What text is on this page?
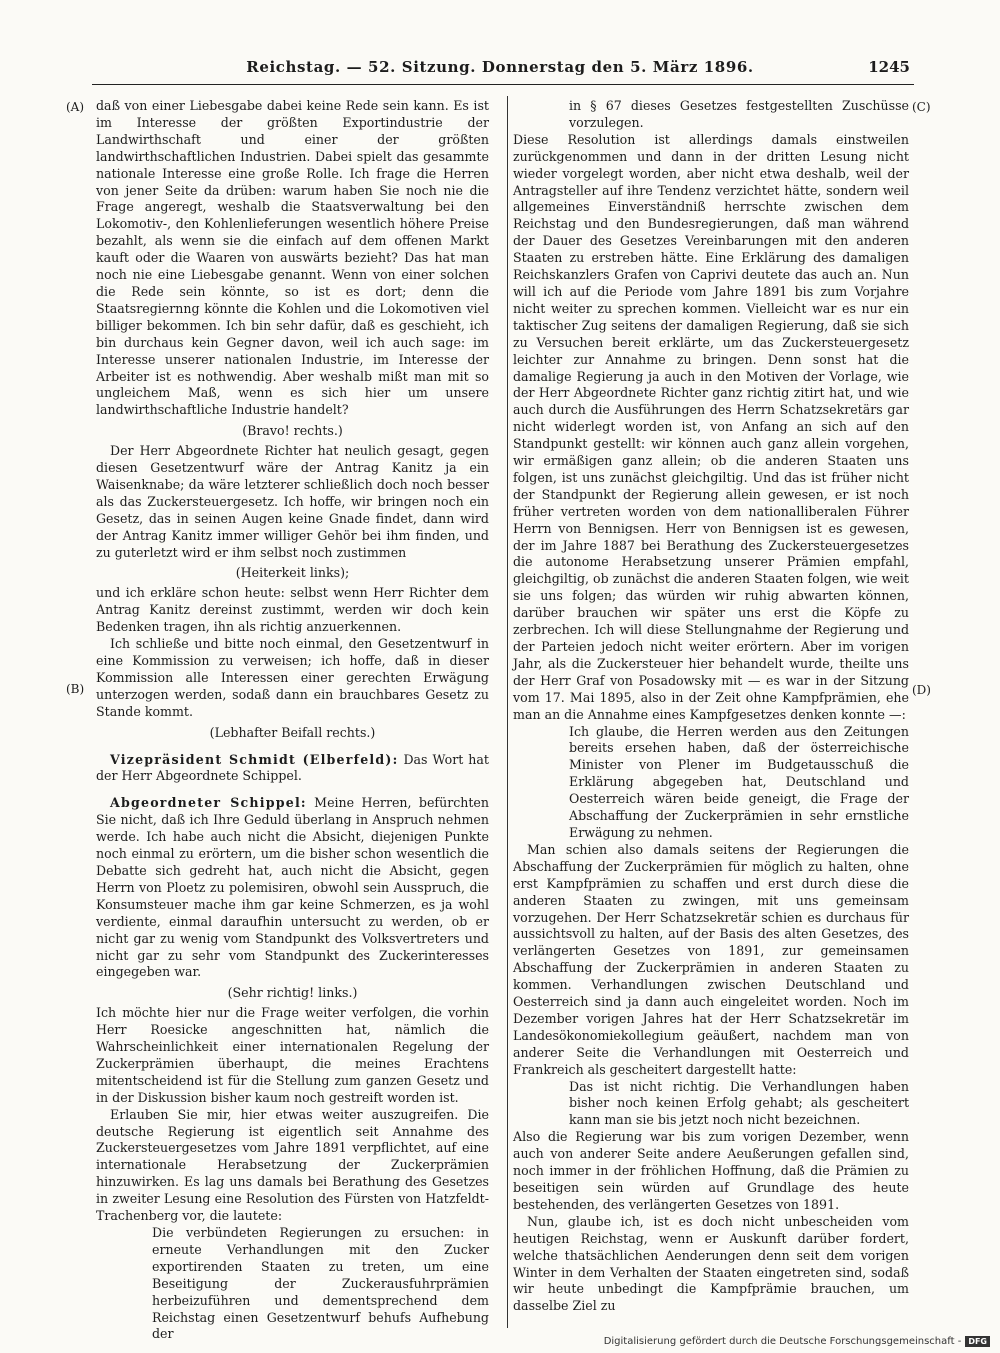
Reichstag. — 52. Sitzung. Donnerstag den 5. März 1896.	1245
(A)
(B)
(C)
(D)

daß von einer Liebesgabe dabei keine Rede sein kann. Es ist im Interesse der größten Exportindustrie der Landwirthschaft und einer der größten landwirthschaftlichen Industrien. Dabei spielt das gesammte nationale Interesse eine große Rolle. Ich frage die Herren von jener Seite da drüben: warum haben Sie noch nie die Frage angeregt, weshalb die Staatsverwaltung bei den Lokomotiv-, den Kohlenlieferungen wesentlich höhere Preise bezahlt, als wenn sie die einfach auf dem offenen Markt kauft oder die Waaren von auswärts bezieht? Das hat man noch nie eine Liebesgabe genannt. Wenn von einer solchen die Rede sein könnte, so ist es dort; denn die Staatsregiernng könnte die Kohlen und die Lokomotiven viel billiger bekommen. Ich bin sehr dafür, daß es geschieht, ich bin durchaus kein Gegner davon, weil ich auch sage: im Interesse unserer nationalen Industrie, im Interesse der Arbeiter ist es nothwendig. Aber weshalb mißt man mit so ungleichem Maß, wenn es sich hier um unsere landwirthschaftliche Industrie handelt?

(Bravo! rechts.)

Der Herr Abgeordnete Richter hat neulich gesagt, gegen diesen Gesetzentwurf wäre der Antrag Kanitz ja ein Waisenknabe; da wäre letzterer schließlich doch noch besser als das Zuckersteuergesetz. Ich hoffe, wir bringen noch ein Gesetz, das in seinen Augen keine Gnade findet, dann wird der Antrag Kanitz immer williger Gehör bei ihm finden, und zu guterletzt wird er ihm selbst noch zustimmen

(Heiterkeit links);

und ich erkläre schon heute: selbst wenn Herr Richter dem Antrag Kanitz dereinst zustimmt, werden wir doch kein Bedenken tragen, ihn als richtig anzuerkennen.

Ich schließe und bitte noch einmal, den Gesetzentwurf in eine Kommission zu verweisen; ich hoffe, daß in dieser Kommission alle Interessen einer gerechten Erwägung unterzogen werden, sodaß dann ein brauchbares Gesetz zu Stande kommt.

(Lebhafter Beifall rechts.)

Vizepräsident Schmidt (Elberfeld): Das Wort hat der Herr Abgeordnete Schippel.

Abgeordneter Schippel: Meine Herren, befürchten Sie nicht, daß ich Ihre Geduld überlang in Anspruch nehmen werde. Ich habe auch nicht die Absicht, diejenigen Punkte noch einmal zu erörtern, um die bisher schon wesentlich die Debatte sich gedreht hat, auch nicht die Absicht, gegen Herrn von Ploetz zu polemisiren, obwohl sein Ausspruch, die Konsumsteuer mache ihm gar keine Schmerzen, es ja wohl verdiente, einmal daraufhin untersucht zu werden, ob er nicht gar zu wenig vom Standpunkt des Volksvertreters und nicht gar zu sehr vom Standpunkt des Zuckerinteresses eingegeben war.

(Sehr richtig! links.)

Ich möchte hier nur die Frage weiter verfolgen, die vorhin Herr Roesicke angeschnitten hat, nämlich die Wahrscheinlichkeit einer internationalen Regelung der Zuckerprämien überhaupt, die meines Erachtens mitentscheidend ist für die Stellung zum ganzen Gesetz und in der Diskussion bisher kaum noch gestreift worden ist.

Erlauben Sie mir, hier etwas weiter auszugreifen. Die deutsche Regierung ist eigentlich seit Annahme des Zuckersteuergesetzes vom Jahre 1891 verpflichtet, auf eine internationale Herabsetzung der Zuckerprämien hinzuwirken. Es lag uns damals bei Berathung des Gesetzes in zweiter Lesung eine Resolution des Fürsten von Hatzfeldt-Trachenberg vor, die lautete:

Die verbündeten Regierungen zu ersuchen: in erneute Verhandlungen mit den Zucker exportirenden Staaten zu treten, um eine Beseitigung der Zuckerausfuhrprämien herbeizuführen und dementsprechend dem Reichstag einen Gesetzentwurf behufs Aufhebung der

in § 67 dieses Gesetzes festgestellten Zuschüsse vorzulegen.

Diese Resolution ist allerdings damals einstweilen zurückgenommen und dann in der dritten Lesung nicht wieder vorgelegt worden, aber nicht etwa deshalb, weil der Antragsteller auf ihre Tendenz verzichtet hätte, sondern weil allgemeines Einverständniß herrschte zwischen dem Reichstag und den Bundesregierungen, daß man während der Dauer des Gesetzes Vereinbarungen mit den anderen Staaten zu erstreben hätte. Eine Erklärung des damaligen Reichskanzlers Grafen von Caprivi deutete das auch an. Nun will ich auf die Periode vom Jahre 1891 bis zum Vorjahre nicht weiter zu sprechen kommen. Vielleicht war es nur ein taktischer Zug seitens der damaligen Regierung, daß sie sich zu Versuchen bereit erklärte, um das Zuckersteuergesetz leichter zur Annahme zu bringen. Denn sonst hat die damalige Regierung ja auch in den Motiven der Vorlage, wie der Herr Abgeordnete Richter ganz richtig zitirt hat, und wie auch durch die Ausführungen des Herrn Schatzsekretärs gar nicht widerlegt worden ist, von Anfang an sich auf den Standpunkt gestellt: wir können auch ganz allein vorgehen, wir ermäßigen ganz allein; ob die anderen Staaten uns folgen, ist uns zunächst gleichgiltig. Und das ist früher nicht der Standpunkt der Regierung allein gewesen, er ist noch früher vertreten worden von dem nationalliberalen Führer Herrn von Bennigsen. Herr von Bennigsen ist es gewesen, der im Jahre 1887 bei Berathung des Zuckersteuergesetzes die autonome Herabsetzung unserer Prämien empfahl, gleichgiltig, ob zunächst die anderen Staaten folgen, wie weit sie uns folgen; das würden wir ruhig abwarten können, darüber brauchen wir später uns erst die Köpfe zu zerbrechen. Ich will diese Stellungnahme der Regierung und der Parteien jedoch nicht weiter erörtern. Aber im vorigen Jahr, als die Zuckersteuer hier behandelt wurde, theilte uns der Herr Graf von Posadowsky mit — es war in der Sitzung vom 17. Mai 1895, also in der Zeit ohne Kampfprämien, ehe man an die Annahme eines Kampfgesetzes denken konnte —:

Ich glaube, die Herren werden aus den Zeitungen bereits ersehen haben, daß der österreichische Minister von Plener im Budgetausschuß die Erklärung abgegeben hat, Deutschland und Oesterreich wären beide geneigt, die Frage der Abschaffung der Zuckerprämien in sehr ernstliche Erwägung zu nehmen.

Man schien also damals seitens der Regierungen die Abschaffung der Zuckerprämien für möglich zu halten, ohne erst Kampfprämien zu schaffen und erst durch diese die anderen Staaten zu zwingen, mit uns gemeinsam vorzugehen. Der Herr Schatzsekretär schien es durchaus für aussichtsvoll zu halten, auf der Basis des alten Gesetzes, des verlängerten Gesetzes von 1891, zur gemeinsamen Abschaffung der Zuckerprämien in anderen Staaten zu kommen. Verhandlungen zwischen Deutschland und Oesterreich sind ja dann auch eingeleitet worden. Noch im Dezember vorigen Jahres hat der Herr Schatzsekretär im Landesökonomiekollegium geäußert, nachdem man von anderer Seite die Verhandlungen mit Oesterreich und Frankreich als gescheitert dargestellt hatte:

Das ist nicht richtig. Die Verhandlungen haben bisher noch keinen Erfolg gehabt; als gescheitert kann man sie bis jetzt noch nicht bezeichnen.

Also die Regierung war bis zum vorigen Dezember, wenn auch von anderer Seite andere Aeußerungen gefallen sind, noch immer in der fröhlichen Hoffnung, daß die Prämien zu beseitigen sein würden auf Grundlage des heute bestehenden, des verlängerten Gesetzes von 1891.

Nun, glaube ich, ist es doch nicht unbescheiden vom heutigen Reichstag, wenn er Auskunft darüber fordert, welche thatsächlichen Aenderungen denn seit dem vorigen Winter in dem Verhalten der Staaten eingetreten sind, sodaß wir heute unbedingt die Kampfprämie brauchen, um dasselbe Ziel zu

Digitalisierung gefördert durch die Deutsche Forschungsgemeinschaft - DFG
